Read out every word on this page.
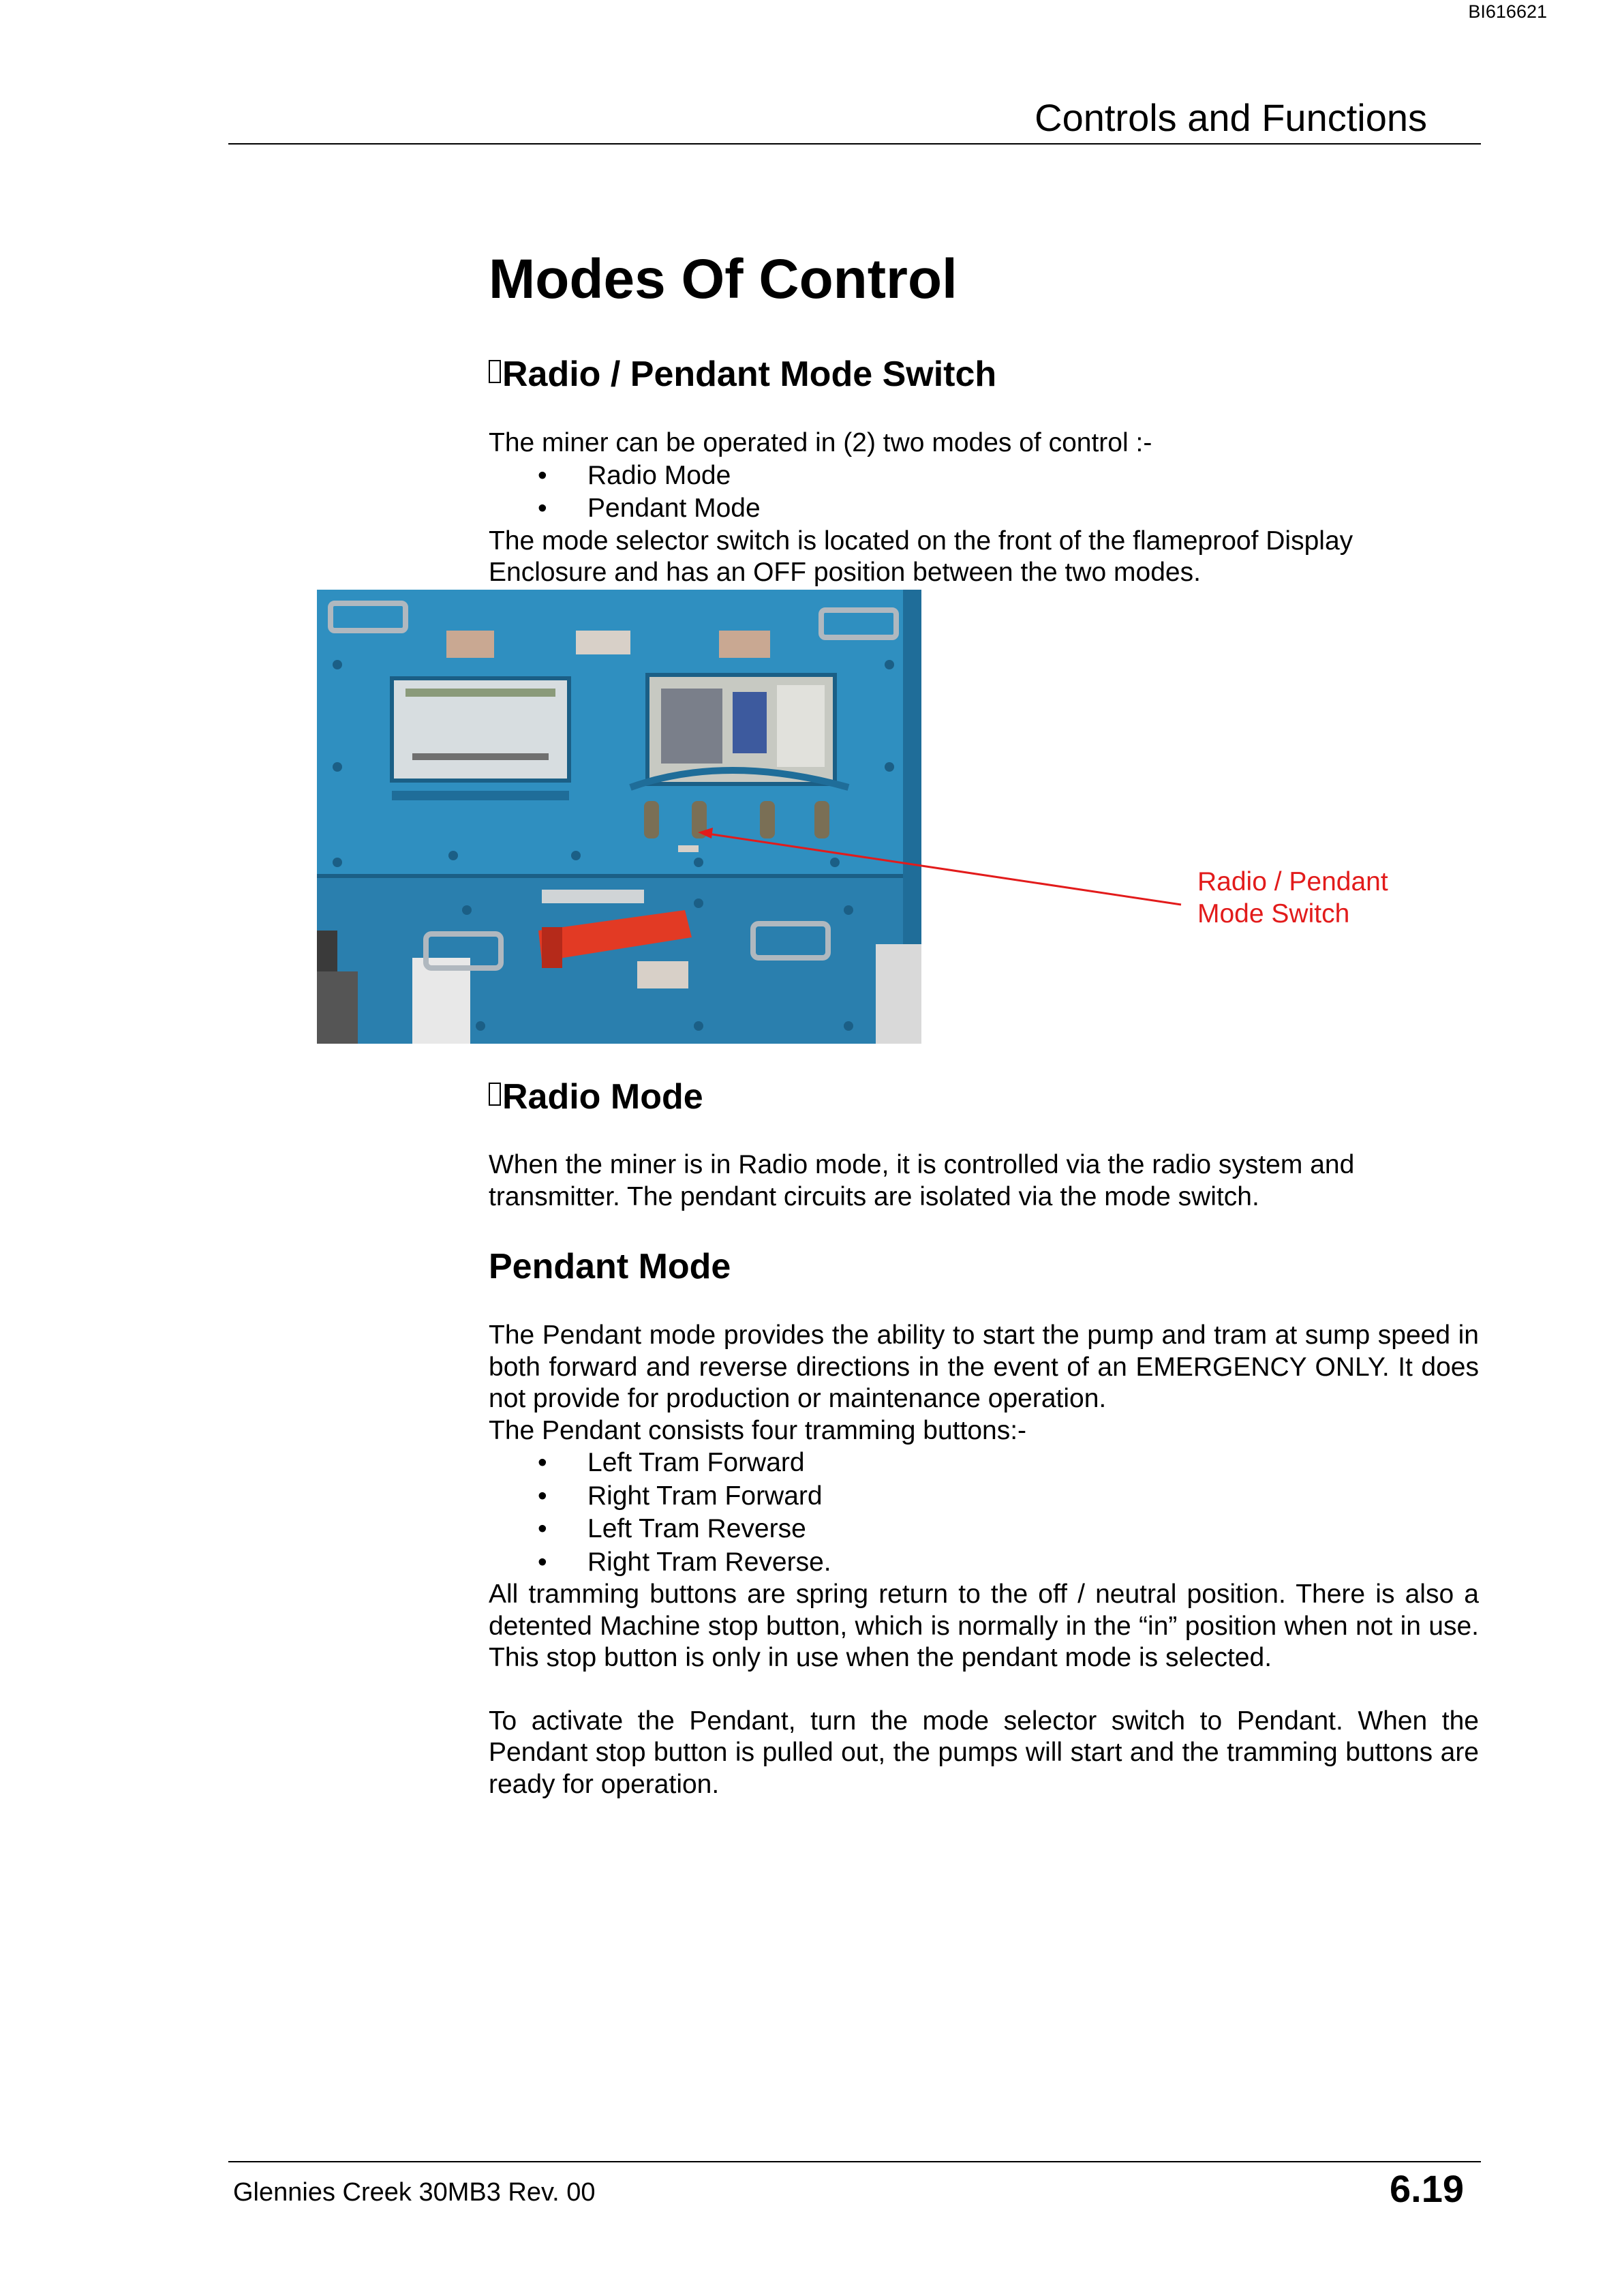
BI616621
Controls and Functions
Modes Of Control
Radio / Pendant Mode Switch

The miner can be operated in (2) two modes of control :-

• Radio Mode
• Pendant Mode

The mode selector switch is located on the front of the flameproof Display Enclosure and has an OFF position between the two modes.

Radio / Pendant
Mode Switch
Radio Mode

When the miner is in Radio mode, it is controlled via the radio system and transmitter. The pendant circuits are isolated via the mode switch.

Pendant Mode

The Pendant mode provides the ability to start the pump and tram at sump speed in both forward and reverse directions in the event of an EMERGENCY ONLY. It does not provide for production or maintenance operation.

The Pendant consists four tramming buttons:-

• Left Tram Forward
• Right Tram Forward
• Left Tram Reverse
• Right Tram Reverse.

All tramming buttons are spring return to the off / neutral position. There is also a detented Machine stop button, which is normally in the “in” position when not in use. This stop button is only in use when the pendant mode is selected.

To activate the Pendant, turn the mode selector switch to Pendant. When the Pendant stop button is pulled out, the pumps will start and the tramming buttons are ready for operation.

Glennies Creek 30MB3 Rev. 00	6.19
